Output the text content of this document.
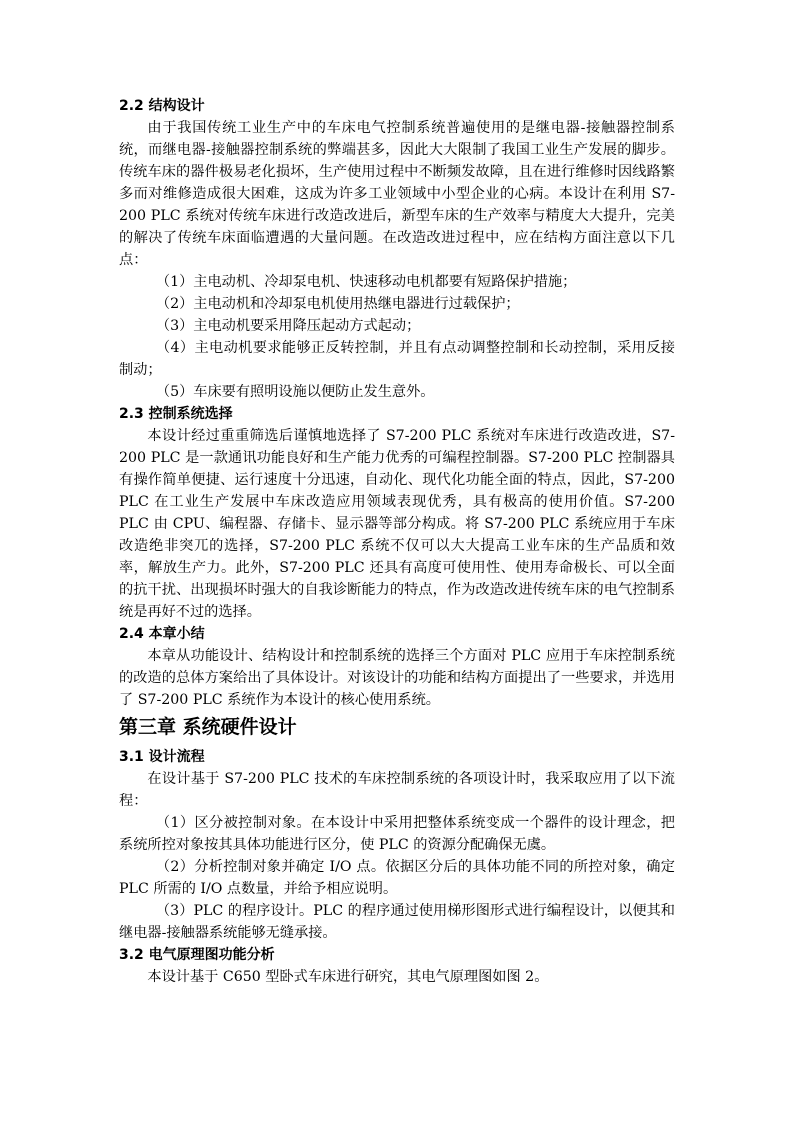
2.2 结构设计

由于我国传统工业生产中的车床电气控制系统普遍使用的是继电器-接触器控制系统，而继电器-接触器控制系统的弊端甚多，因此大大限制了我国工业生产发展的脚步。传统车床的器件极易老化损坏，生产使用过程中不断频发故障，且在进行维修时因线路繁多而对维修造成很大困难，这成为许多工业领域中小型企业的心病。本设计在利用 S7-200 PLC 系统对传统车床进行改造改进后，新型车床的生产效率与精度大大提升，完美的解决了传统车床面临遭遇的大量问题。在改造改进过程中，应在结构方面注意以下几点：

（1）主电动机、冷却泵电机、快速移动电机都要有短路保护措施；

（2）主电动机和冷却泵电机使用热继电器进行过载保护；

（3）主电动机要采用降压起动方式起动；

（4）主电动机要求能够正反转控制，并且有点动调整控制和长动控制，采用反接制动；

（5）车床要有照明设施以便防止发生意外。

2.3 控制系统选择

本设计经过重重筛选后谨慎地选择了 S7-200 PLC 系统对车床进行改造改进，S7-200 PLC 是一款通讯功能良好和生产能力优秀的可编程控制器。S7-200 PLC 控制器具有操作简单便捷、运行速度十分迅速，自动化、现代化功能全面的特点，因此，S7-200 PLC 在工业生产发展中车床改造应用领域表现优秀，具有极高的使用价值。S7-200 PLC 由 CPU、编程器、存储卡、显示器等部分构成。将 S7-200 PLC 系统应用于车床改造绝非突兀的选择，S7-200 PLC 系统不仅可以大大提高工业车床的生产品质和效率，解放生产力。此外，S7-200 PLC 还具有高度可使用性、使用寿命极长、可以全面的抗干扰、出现损坏时强大的自我诊断能力的特点，作为改造改进传统车床的电气控制系统是再好不过的选择。

2.4 本章小结

本章从功能设计、结构设计和控制系统的选择三个方面对 PLC 应用于车床控制系统的改造的总体方案给出了具体设计。对该设计的功能和结构方面提出了一些要求，并选用了 S7-200 PLC 系统作为本设计的核心使用系统。

第三章 系统硬件设计

3.1 设计流程

在设计基于 S7-200 PLC 技术的车床控制系统的各项设计时，我采取应用了以下流程：

（1）区分被控制对象。在本设计中采用把整体系统变成一个器件的设计理念，把系统所控对象按其具体功能进行区分，使 PLC 的资源分配确保无虞。

（2）分析控制对象并确定 I/O 点。依据区分后的具体功能不同的所控对象，确定 PLC 所需的 I/O 点数量，并给予相应说明。

（3）PLC 的程序设计。PLC 的程序通过使用梯形图形式进行编程设计，以便其和继电器-接触器系统能够无缝承接。

3.2 电气原理图功能分析

本设计基于 C650 型卧式车床进行研究，其电气原理图如图 2。
